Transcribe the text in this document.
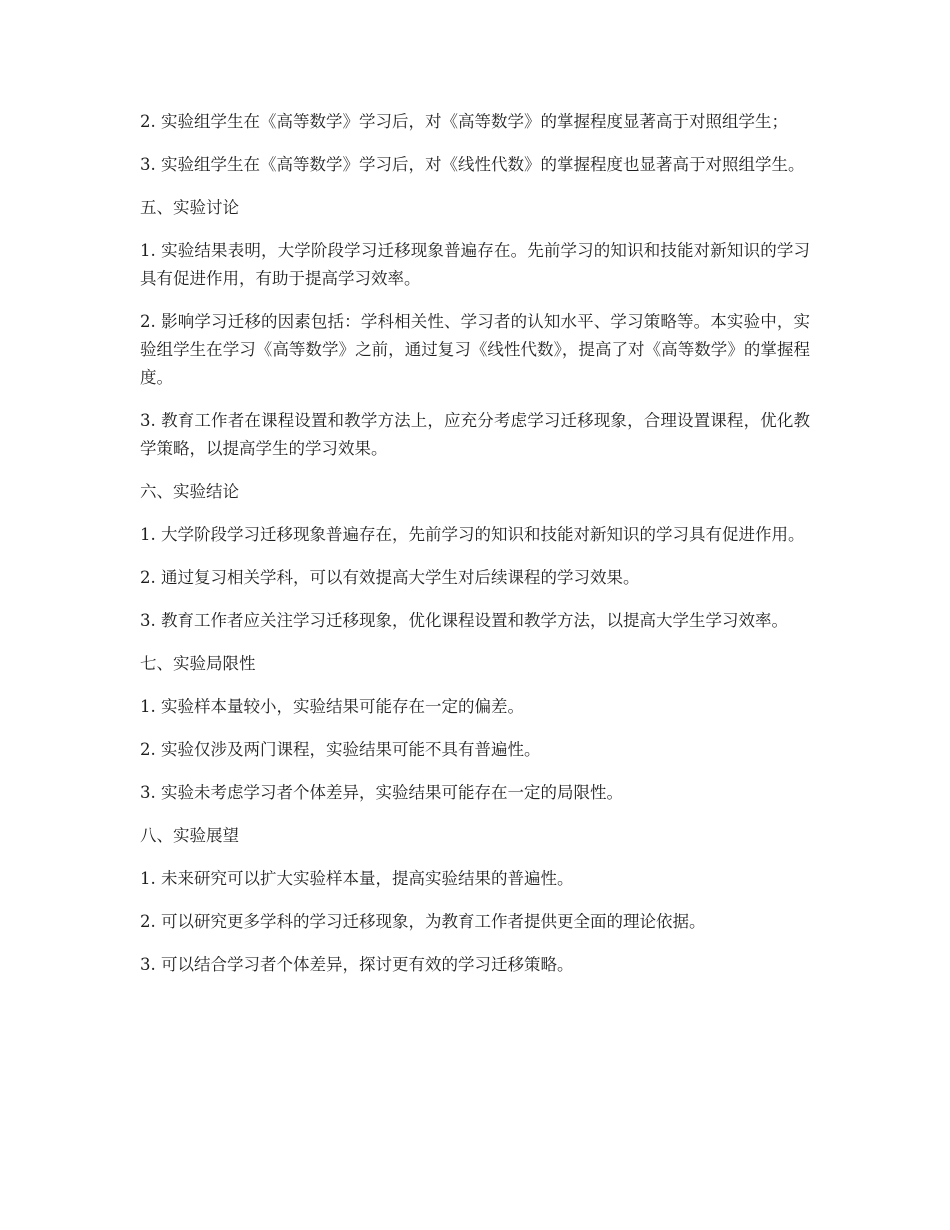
2. 实验组学生在《高等数学》学习后，对《高等数学》的掌握程度显著高于对照组学生；

3. 实验组学生在《高等数学》学习后，对《线性代数》的掌握程度也显著高于对照组学生。

五、实验讨论

1. 实验结果表明，大学阶段学习迁移现象普遍存在。先前学习的知识和技能对新知识的学习具有促进作用，有助于提高学习效率。

2. 影响学习迁移的因素包括：学科相关性、学习者的认知水平、学习策略等。本实验中，实验组学生在学习《高等数学》之前，通过复习《线性代数》，提高了对《高等数学》的掌握程度。

3. 教育工作者在课程设置和教学方法上，应充分考虑学习迁移现象，合理设置课程，优化教学策略，以提高学生的学习效果。

六、实验结论

1. 大学阶段学习迁移现象普遍存在，先前学习的知识和技能对新知识的学习具有促进作用。

2. 通过复习相关学科，可以有效提高大学生对后续课程的学习效果。

3. 教育工作者应关注学习迁移现象，优化课程设置和教学方法，以提高大学生学习效率。

七、实验局限性

1. 实验样本量较小，实验结果可能存在一定的偏差。

2. 实验仅涉及两门课程，实验结果可能不具有普遍性。

3. 实验未考虑学习者个体差异，实验结果可能存在一定的局限性。

八、实验展望

1. 未来研究可以扩大实验样本量，提高实验结果的普遍性。

2. 可以研究更多学科的学习迁移现象，为教育工作者提供更全面的理论依据。

3. 可以结合学习者个体差异，探讨更有效的学习迁移策略。
